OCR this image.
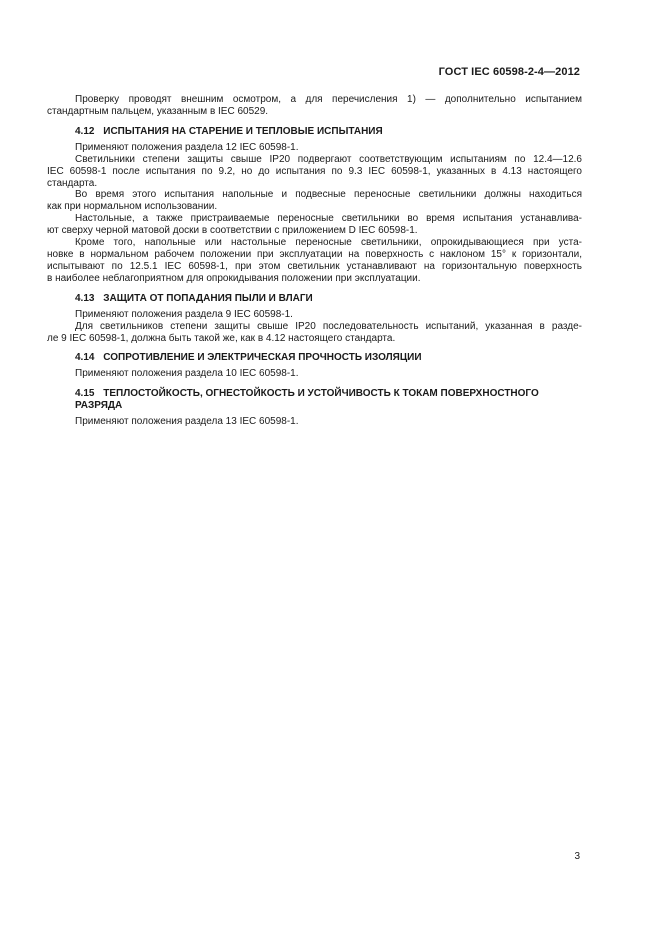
ГОСТ IEC 60598-2-4—2012

Проверку проводят внешним осмотром, а для перечисления 1) — дополнительно испытанием
стандартным пальцем, указанным в IEC 60529.

4.12 ИСПЫТАНИЯ НА СТАРЕНИЕ И ТЕПЛОВЫЕ ИСПЫТАНИЯ

Применяют положения раздела 12 IEC 60598-1.

Светильники степени защиты свыше IP20 подвергают соответствующим испытаниям по 12.4—12.6
IEC 60598-1 после испытания по 9.2, но до испытания по 9.3 IEC 60598-1, указанных в 4.13 настоящего
стандарта.

Во время этого испытания напольные и подвесные переносные светильники должны находиться
как при нормальном использовании.

Настольные, а также пристраиваемые переносные светильники во время испытания устанавлива-
ют сверху черной матовой доски в соответствии с приложением D IEC 60598-1.

Кроме того, напольные или настольные переносные светильники, опрокидывающиеся при уста-
новке в нормальном рабочем положении при эксплуатации на поверхность с наклоном 15° к горизонтали,
испытывают по 12.5.1 IEC 60598-1, при этом светильник устанавливают на горизонтальную поверхность
в наиболее неблагоприятном для опрокидывания положении при эксплуатации.

4.13 ЗАЩИТА ОТ ПОПАДАНИЯ ПЫЛИ И ВЛАГИ

Применяют положения раздела 9 IEC 60598-1.

Для светильников степени защиты свыше IP20 последовательность испытаний, указанная в разде-
ле 9 IEC 60598-1, должна быть такой же, как в 4.12 настоящего стандарта.

4.14 СОПРОТИВЛЕНИЕ И ЭЛЕКТРИЧЕСКАЯ ПРОЧНОСТЬ ИЗОЛЯЦИИ

Применяют положения раздела 10 IEC 60598-1.

4.15 ТЕПЛОСТОЙКОСТЬ, ОГНЕСТОЙКОСТЬ И УСТОЙЧИВОСТЬ К ТОКАМ ПОВЕРХНОСТНОГО
РАЗРЯДА

Применяют положения раздела 13 IEC 60598-1.

3
